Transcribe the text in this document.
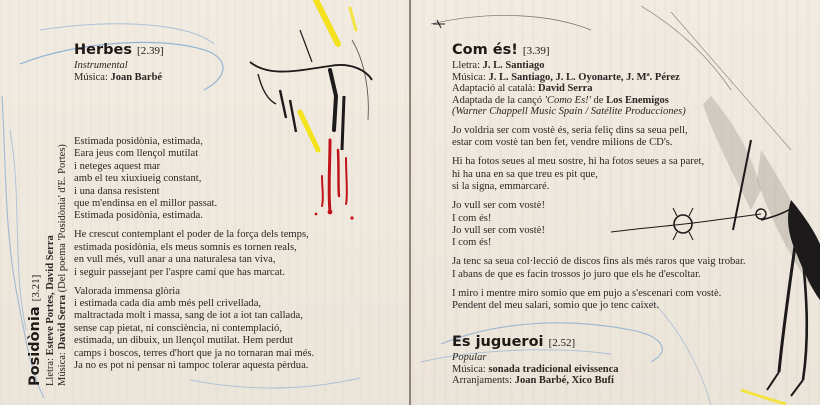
Herbes [2.39]
Instrumental
Música: Joan Barbé
Posidònia [3.21]
Lletra: Esteve Portes, David Serra
Música: David Serra (Del poema 'Posidònia' d'E. Portes)

Estimada posidònia, estimada,
Eara jeus com llençol mutilat
i neteges aquest mar
amb el teu xiuxiueig constant,
i una dansa resistent
que m'endinsa en el millor passat.
Estimada posidònia, estimada.

He crescut contemplant el poder de la força dels temps,
estimada posidònia, els meus somnis es tornen reals,
en vull més, vull anar a una naturalesa tan viva,
i seguir passejant per l'aspre camí que has marcat.

Valorada immensa glòria
i estimada cada dia amb més pell crivellada,
maltractada molt i massa, sang de iot a iot tan callada,
sense cap pietat, ni consciència, ni contemplació,
estimada, un dibuix, un llençol mutilat. Hem perdut
camps i boscos, terres d'hort que ja no tornaran mai més.
Ja no es pot ni pensar ni tampoc tolerar aquesta pèrdua.

Com és! [3.39]
Lletra: J. L. Santiago
Música: J. L. Santiago, J. L. Oyonarte, J. Mª. Pérez
Adaptació al català: David Serra
Adaptada de la cançó 'Como Es!' de Los Enemigos
(Warner Chappell Music Spain / Satélite Producciones)

Jo voldria ser com vostè és, seria feliç dins sa seua pell,
estar com vostè tan ben fet, vendre milions de CD's.

Hi ha fotos seues al meu sostre, hi ha fotos seues a sa paret,
hi ha una en sa que treu es pit que,
si la signa, emmarcaré.

Jo vull ser com vostè!
I com és!
Jo vull ser com vostè!
I com és!

Ja tenc sa seua col·lecció de discos fins als més raros que vaig trobar.
I abans de que es facin trossos jo juro que els he d'escoltar.

I miro i mentre miro somio que em pujo a s'escenari com vostè.
Pendent del meu salari, somio que jo tenc caixet.

Es jugueroi [2.52]
Popular
Música: sonada tradicional eivissenca
Arranjaments: Joan Barbé, Xico Bufí
